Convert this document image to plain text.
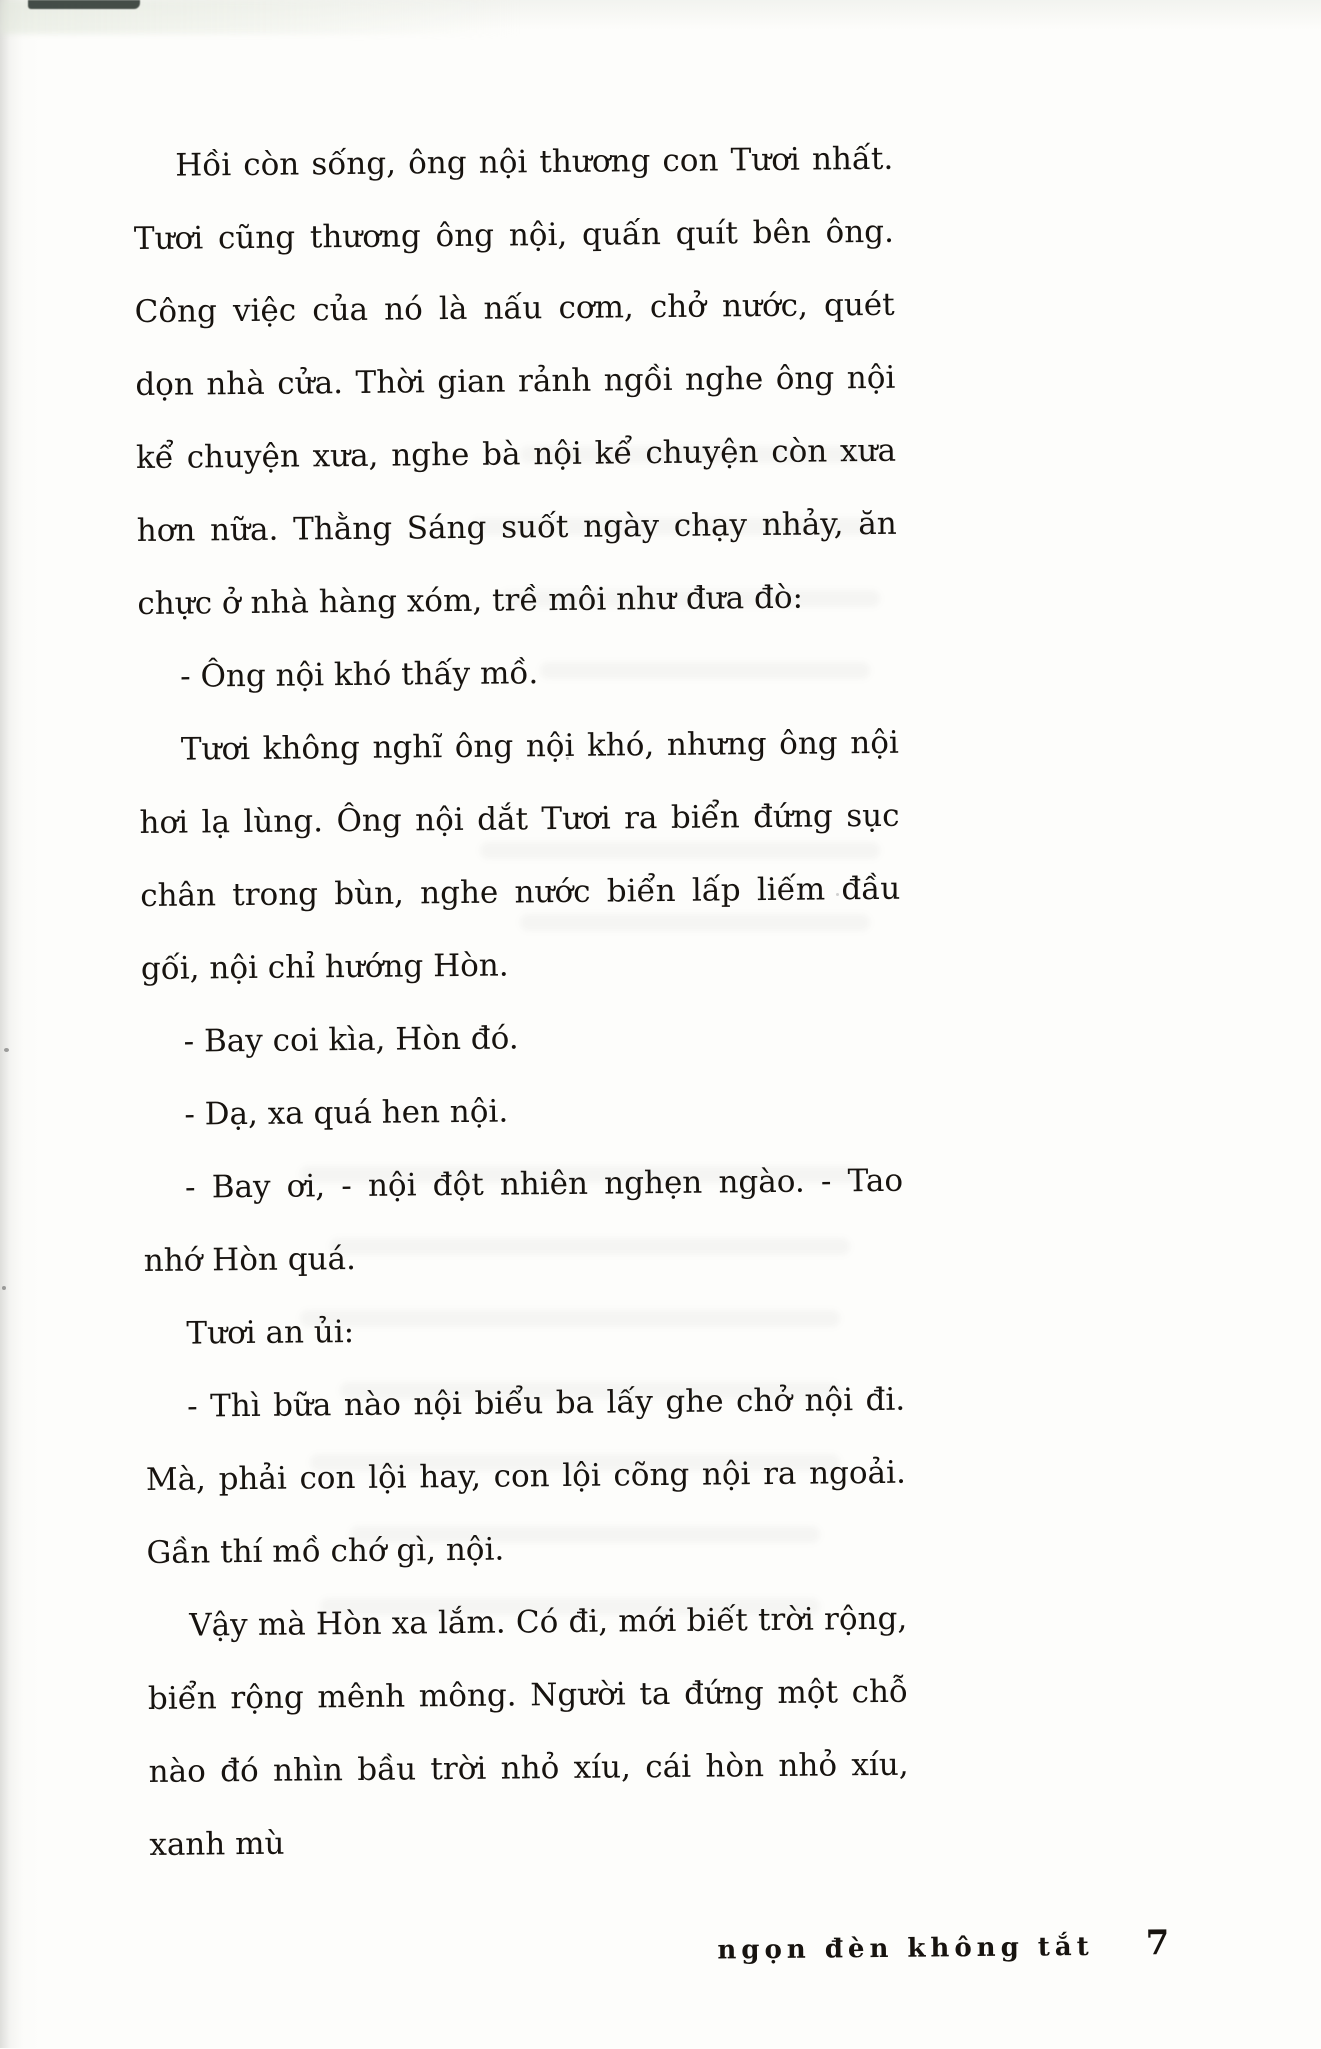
Hồi còn sống, ông nội thương con Tươi nhất. Tươi cũng thương ông nội, quấn quít bên ông. Công việc của nó là nấu cơm, chở nước, quét dọn nhà cửa. Thời gian rảnh ngồi nghe ông nội kể chuyện xưa, nghe bà nội kể chuyện còn xưa hơn nữa. Thằng Sáng suốt ngày chạy nhảy, ăn chực ở nhà hàng xóm, trề môi như đưa đò:

- Ông nội khó thấy mồ.

Tươi không nghĩ ông nội khó, nhưng ông nội hơi lạ lùng. Ông nội dắt Tươi ra biển đứng sục chân trong bùn, nghe nước biển lấp liếm đầu gối, nội chỉ hướng Hòn.

- Bay coi kìa, Hòn đó.

- Dạ, xa quá hen nội.

- Bay ơi, - nội đột nhiên nghẹn ngào. - Tao nhớ Hòn quá.

Tươi an ủi:

- Thì bữa nào nội biểu ba lấy ghe chở nội đi. Mà, phải con lội hay, con lội cõng nội ra ngoải. Gần thí mồ chớ gì, nội.

Vậy mà Hòn xa lắm. Có đi, mới biết trời rộng, biển rộng mênh mông. Người ta đứng một chỗ nào đó nhìn bầu trời nhỏ xíu, cái hòn nhỏ xíu, xanh mù

ngọn đèn không tắt 7
